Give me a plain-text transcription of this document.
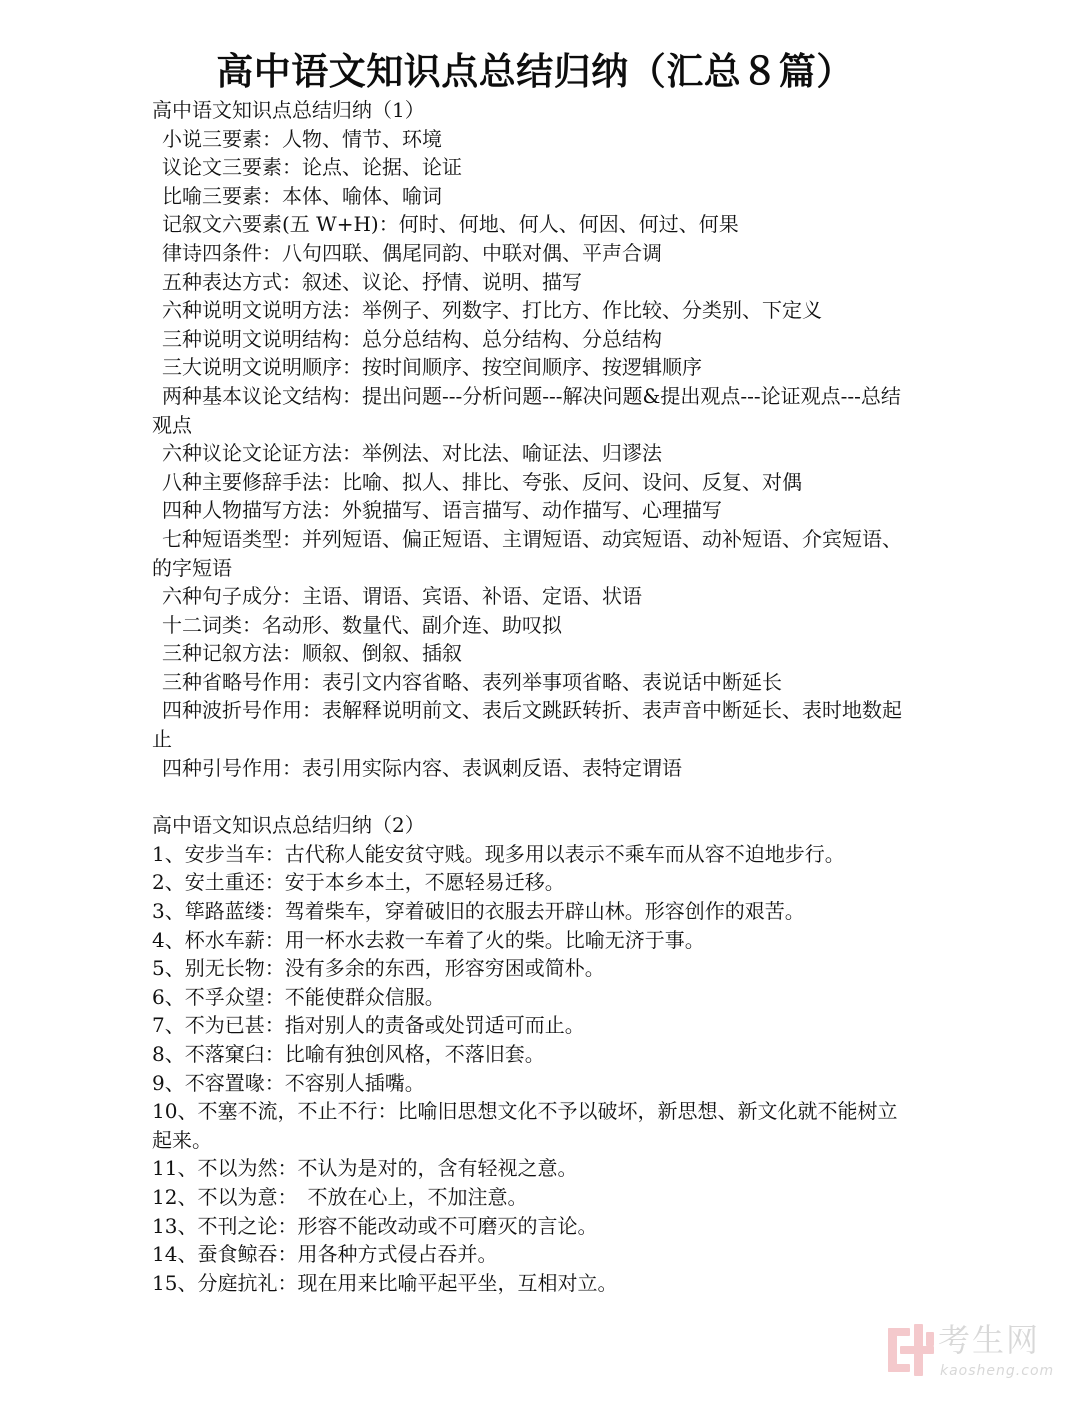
高中语文知识点总结归纳（汇总８篇）
高中语文知识点总结归纳（1）

小说三要素：人物、情节、环境

议论文三要素：论点、论据、论证

比喻三要素：本体、喻体、喻词

记叙文六要素(五 W+H)：何时、何地、何人、何因、何过、何果

律诗四条件：八句四联、偶尾同韵、中联对偶、平声合调

五种表达方式：叙述、议论、抒情、说明、描写

六种说明文说明方法：举例子、列数字、打比方、作比较、分类别、下定义

三种说明文说明结构：总分总结构、总分结构、分总结构

三大说明文说明顺序：按时间顺序、按空间顺序、按逻辑顺序

两种基本议论文结构：提出问题---分析问题---解决问题&提出观点---论证观点---总结观点

六种议论文论证方法：举例法、对比法、喻证法、归谬法

八种主要修辞手法：比喻、拟人、排比、夸张、反问、设问、反复、对偶

四种人物描写方法：外貌描写、语言描写、动作描写、心理描写

七种短语类型：并列短语、偏正短语、主谓短语、动宾短语、动补短语、介宾短语、的字短语

六种句子成分：主语、谓语、宾语、补语、定语、状语

十二词类：名动形、数量代、副介连、助叹拟

三种记叙方法：顺叙、倒叙、插叙

三种省略号作用：表引文内容省略、表列举事项省略、表说话中断延长

四种波折号作用：表解释说明前文、表后文跳跃转折、表声音中断延长、表时地数起止

四种引号作用：表引用实际内容、表讽刺反语、表特定谓语

高中语文知识点总结归纳（2）

1、安步当车：古代称人能安贫守贱。现多用以表示不乘车而从容不迫地步行。

2、安土重还：安于本乡本土，不愿轻易迁移。

3、筚路蓝缕：驾着柴车，穿着破旧的衣服去开辟山林。形容创作的艰苦。

4、杯水车薪：用一杯水去救一车着了火的柴。比喻无济于事。

5、别无长物：没有多余的东西，形容穷困或简朴。

6、不孚众望：不能使群众信服。

7、不为已甚：指对别人的责备或处罚适可而止。

8、不落窠臼：比喻有独创风格，不落旧套。

9、不容置喙：不容别人插嘴。

10、不塞不流，不止不行：比喻旧思想文化不予以破坏，新思想、新文化就不能树立起来。

11、不以为然：不认为是对的，含有轻视之意。

12、不以为意：　不放在心上，不加注意。

13、不刊之论：形容不能改动或不可磨灭的言论。

14、蚕食鲸吞：用各种方式侵占吞并。

15、分庭抗礼：现在用来比喻平起平坐，互相对立。

考生网
kaosheng.com
